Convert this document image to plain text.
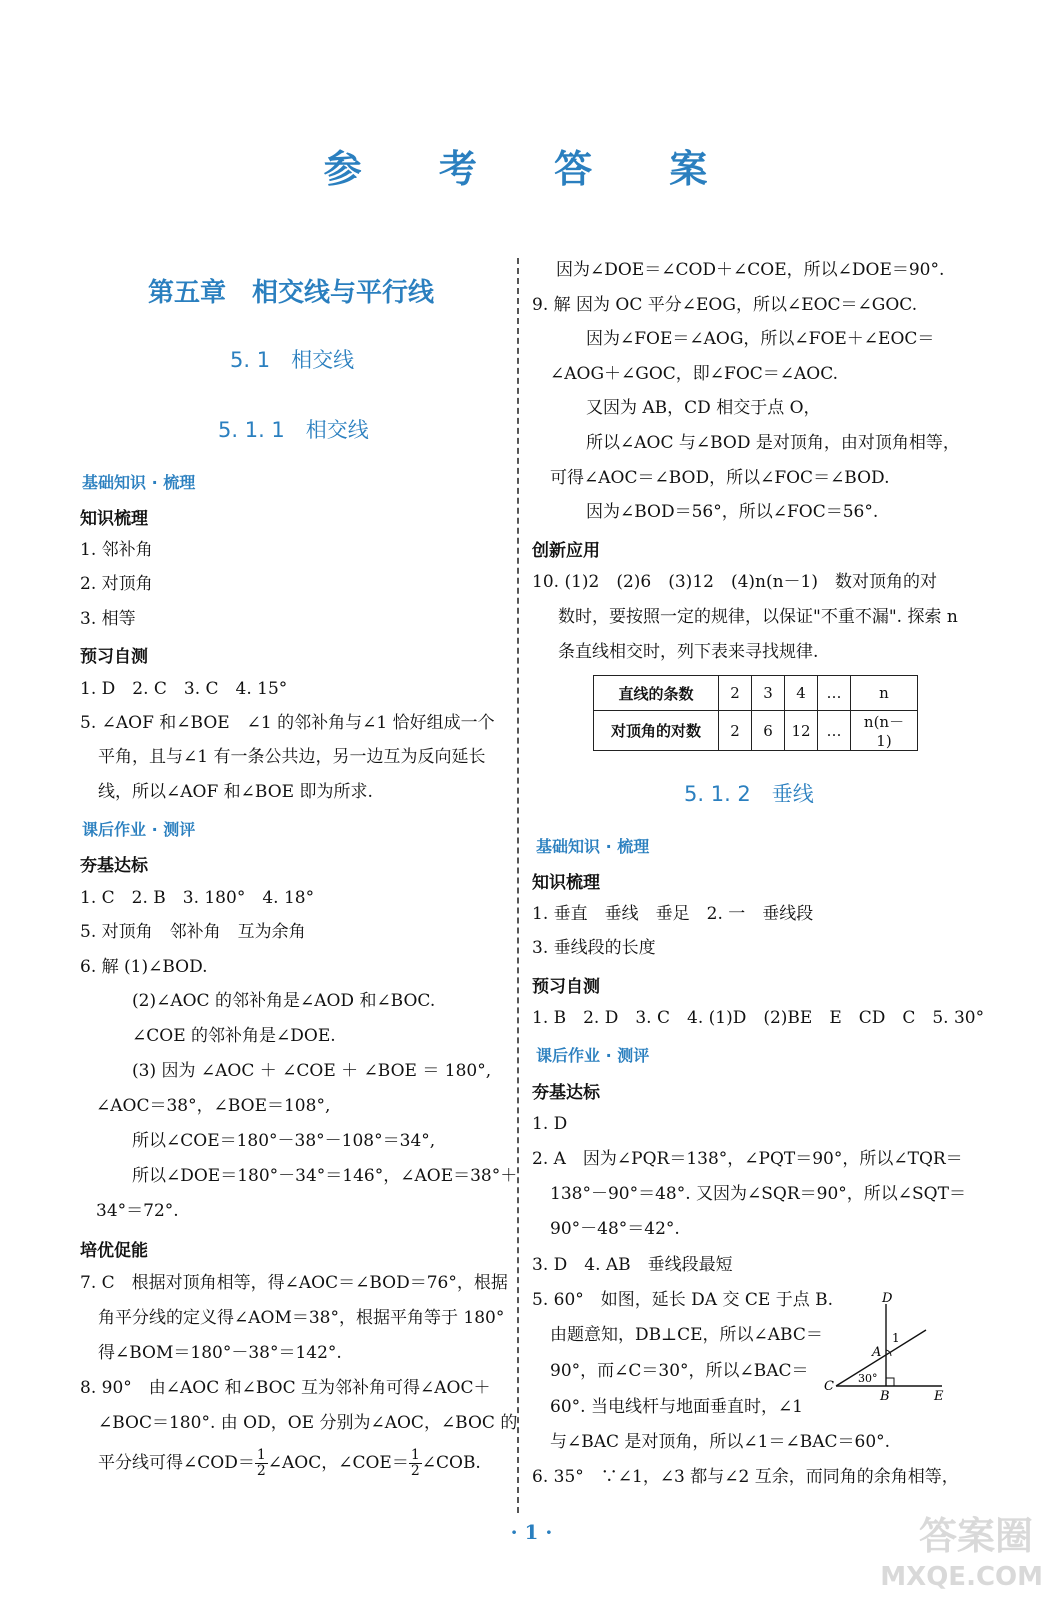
参 考 答 案
第五章　相交线与平行线
5. 1　相交线
5. 1. 1　相交线
基础知识 · 梳理
知识梳理
1. 邻补角
2. 对顶角
3. 相等
预习自测
1. D　2. C　3. C　4. 15°
5. ∠AOF 和∠BOE　∠1 的邻补角与∠1 恰好组成一个
平角，且与∠1 有一条公共边，另一边互为反向延长
线，所以∠AOF 和∠BOE 即为所求.
课后作业 · 测评
夯基达标
1. C　2. B　3. 180°　4. 18°
5. 对顶角　邻补角　互为余角
6. 解 (1)∠BOD.
(2)∠AOC 的邻补角是∠AOD 和∠BOC.
∠COE 的邻补角是∠DOE.
(3) 因为 ∠AOC ＋ ∠COE ＋ ∠BOE ＝ 180°,
∠AOC＝38°，∠BOE＝108°,
所以∠COE＝180°－38°－108°＝34°,
所以∠DOE＝180°－34°＝146°，∠AOE＝38°＋
34°＝72°.
培优促能
7. C　根据对顶角相等，得∠AOC＝∠BOD＝76°，根据
角平分线的定义得∠AOM＝38°，根据平角等于 180°
得∠BOM＝180°－38°＝142°.
8. 90°　由∠AOC 和∠BOC 互为邻补角可得∠AOC＋
∠BOC＝180°. 由 OD，OE 分别为∠AOC，∠BOC 的
平分线可得∠COD＝ $\frac{1}{2}$ ∠AOC，∠COE＝ $\frac{1}{2}$ ∠COB.
因为∠DOE＝∠COD＋∠COE，所以∠DOE＝90°.
9. 解 因为 OC 平分∠EOG，所以∠EOC＝∠GOC.
因为∠FOE＝∠AOG，所以∠FOE＋∠EOC＝
∠AOG＋∠GOC，即∠FOC＝∠AOC.
又因为 AB，CD 相交于点 O，
所以∠AOC 与∠BOD 是对顶角，由对顶角相等，
可得∠AOC＝∠BOD，所以∠FOC＝∠BOD.
因为∠BOD＝56°，所以∠FOC＝56°.
创新应用
10. (1)2　(2)6　(3)12　(4)n(n－1)　数对顶角的对
数时，要按照一定的规律，以保证"不重不漏". 探索 n
条直线相交时，列下表来寻找规律.
直线的条数	2	3	4	…	n
对顶角的对数	2	6	12	…	n(n－1)
5. 1. 2　垂线
基础知识 · 梳理
知识梳理
1. 垂直　垂线　垂足　2. 一　垂线段
3. 垂线段的长度
预习自测
1. B　2. D　3. C　4. (1)D　(2)BE　E　CD　C　5. 30°
课后作业 · 测评
夯基达标
1. D
2. A　因为∠PQR＝138°，∠PQT＝90°，所以∠TQR＝
138°－90°＝48°. 又因为∠SQR＝90°，所以∠SQT＝
90°－48°＝42°.
3. D　4. AB　垂线段最短
5. 60°　如图，延长 DA 交 CE 于点 B.
由题意知，DB⊥CE，所以∠ABC＝
90°，而∠C＝30°，所以∠BAC＝
60°. 当电线杆与地面垂直时，∠1
与∠BAC 是对顶角，所以∠1＝∠BAC＝60°.
6. 35°　∵∠1，∠3 都与∠2 互余，而同角的余角相等，
D
A
1
C
30°
B	E
· 1 ·	答案圈
MXQE.COM
